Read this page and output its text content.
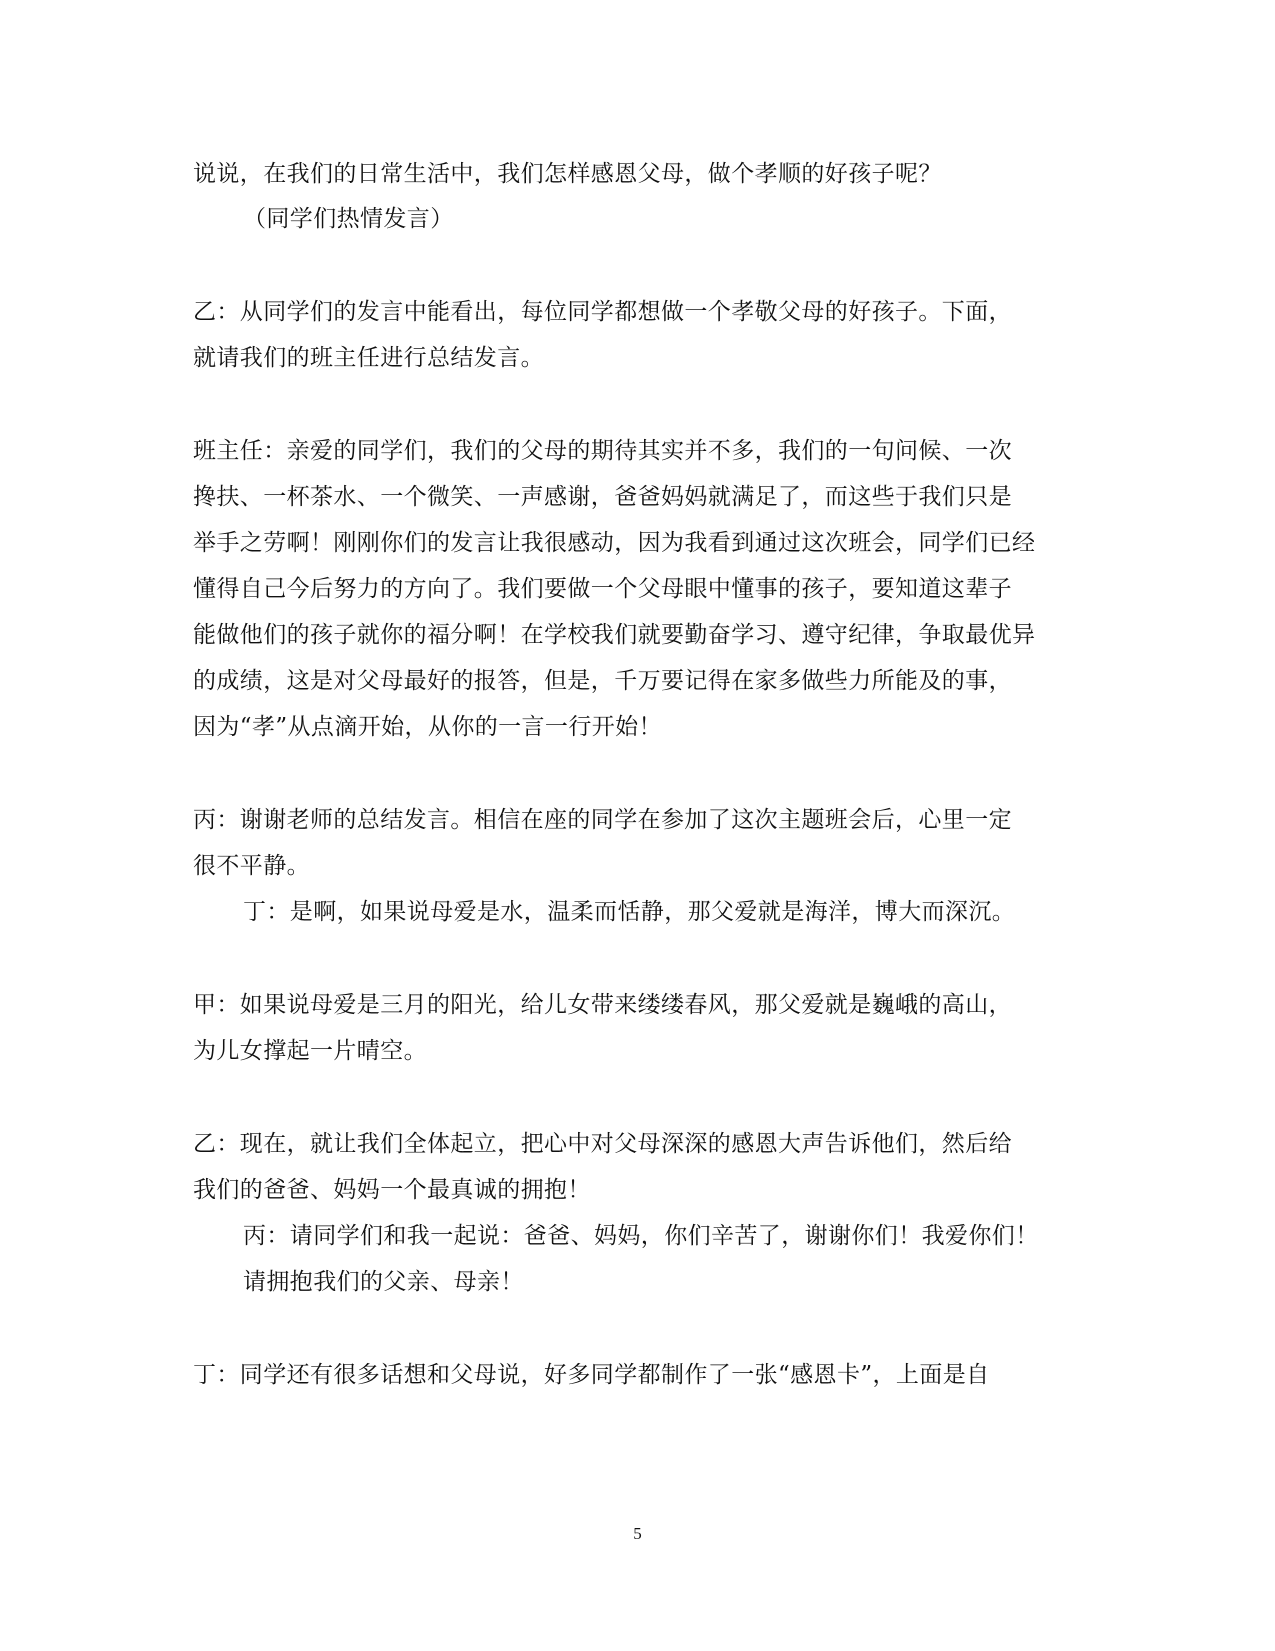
说说，在我们的日常生活中，我们怎样感恩父母，做个孝顺的好孩子呢？
（同学们热情发言）
乙：从同学们的发言中能看出，每位同学都想做一个孝敬父母的好孩子。下面，
就请我们的班主任进行总结发言。
班主任：亲爱的同学们，我们的父母的期待其实并不多，我们的一句问候、一次
搀扶、一杯茶水、一个微笑、一声感谢，爸爸妈妈就满足了，而这些于我们只是
举手之劳啊！刚刚你们的发言让我很感动，因为我看到通过这次班会，同学们已经
懂得自己今后努力的方向了。我们要做一个父母眼中懂事的孩子，要知道这辈子
能做他们的孩子就你的福分啊！在学校我们就要勤奋学习、遵守纪律，争取最优异
的成绩，这是对父母最好的报答，但是，千万要记得在家多做些力所能及的事，
因为“孝”从点滴开始，从你的一言一行开始！
丙：谢谢老师的总结发言。相信在座的同学在参加了这次主题班会后，心里一定
很不平静。
丁：是啊，如果说母爱是水，温柔而恬静，那父爱就是海洋，博大而深沉。
甲：如果说母爱是三月的阳光，给儿女带来缕缕春风，那父爱就是巍峨的高山，
为儿女撑起一片晴空。
乙：现在，就让我们全体起立，把心中对父母深深的感恩大声告诉他们，然后给
我们的爸爸、妈妈一个最真诚的拥抱！
丙：请同学们和我一起说：爸爸、妈妈，你们辛苦了，谢谢你们！我爱你们！
请拥抱我们的父亲、母亲！
丁：同学还有很多话想和父母说，好多同学都制作了一张“感恩卡”，上面是自
5
